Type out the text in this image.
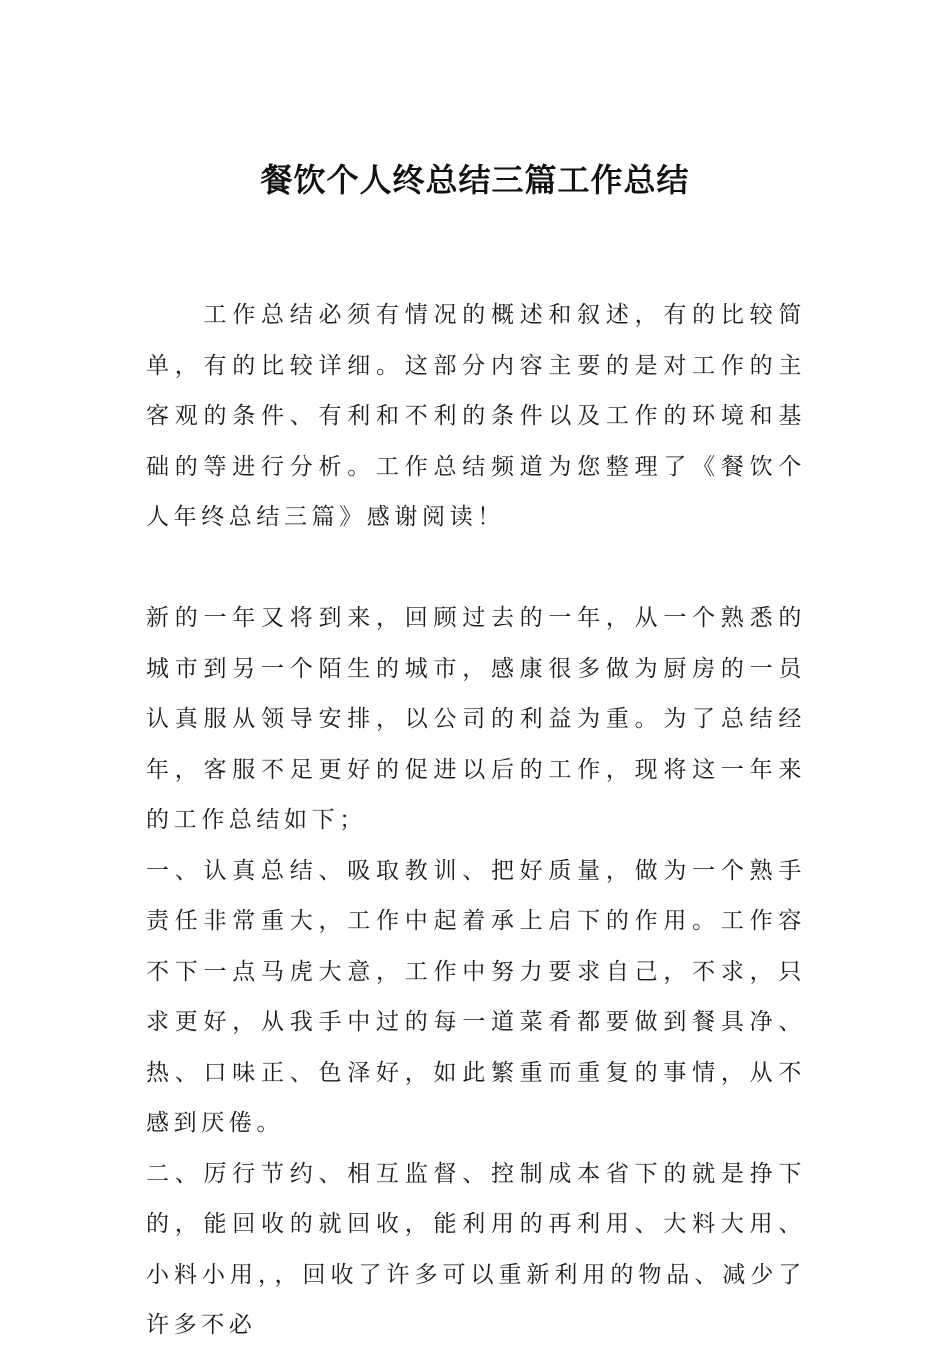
餐饮个人终总结三篇工作总结

工作总结必须有情况的概述和叙述，有的比较简单，有的比较详细。这部分内容主要的是对工作的主客观的条件、有利和不利的条件以及工作的环境和基础的等进行分析。工作总结频道为您整理了《餐饮个人年终总结三篇》感谢阅读！

新的一年又将到来，回顾过去的一年，从一个熟悉的城市到另一个陌生的城市，感康很多做为厨房的一员认真服从领导安排，以公司的利益为重。为了总结经年，客服不足更好的促进以后的工作，现将这一年来的工作总结如下；

一、认真总结、吸取教训、把好质量，做为一个熟手责任非常重大，工作中起着承上启下的作用。工作容不下一点马虎大意，工作中努力要求自己，不求，只求更好，从我手中过的每一道菜肴都要做到餐具净、热、口味正、色泽好，如此繁重而重复的事情，从不感到厌倦。

二、厉行节约、相互监督、控制成本省下的就是挣下的，能回收的就回收，能利用的再利用、大料大用、小料小用，，回收了许多可以重新利用的物品、减少了许多不必
